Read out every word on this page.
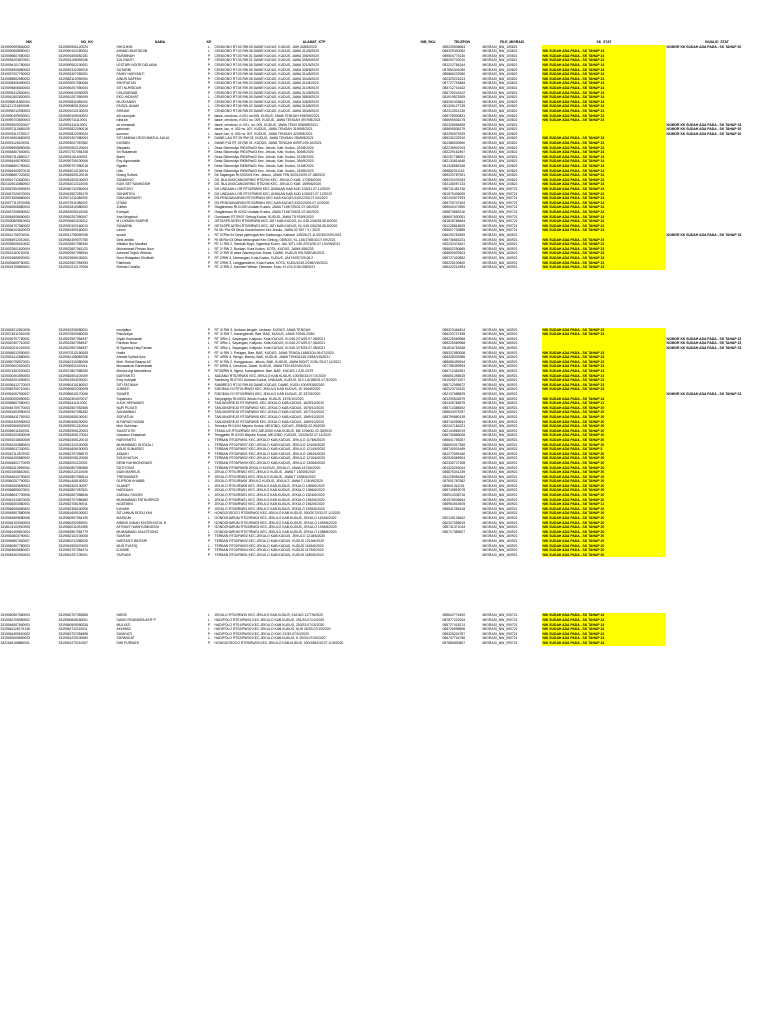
NIK	NO_KK	NAMA	KE	ALAMAT_KTP	NIB_SKU	TELEPON	FILE_MIGRASI	SK_STAT	INVALID_STAT
3319090909840002	3319092506120024	SHOLIKIN	L	CENDONO RT.02 RW.05 DAWE KUDUS, KUDUS, JAW.348/8/2020		085225506664	MIGRASI_NW_100821		NOMOR KK SUDAH ADA PADA - SK TAHAP 20
3319090508890001	3319090102180004	AHMAD MUSTAGIB	L	CENDONO RT.02 RW.08 DAWE KUDUS, KUDUS, JAWA 312/8/2020		085329340082	MIGRASI_NW_100821	NIK SUDAH ADA PADA - SK TAHAP 24	
3319096607650002	3319091505052151	RUSMINAH	P	CENDONO RT.03 RW.01 DAWE KUDUS, KUDUS, JAWA 306/9/2020		089504774130	MIGRASI_NW_100821	NIK SUDAH ADA PADA - SK TAHAP 24	
3319094203870001	3319091105090046	ZULIYANTI	P	CENDONO RT.03 RW.01 DAWE KUDUS, KUDUS, JAWA 305/9/2020		086292720010	MIGRASI_NW_100821	NIK SUDAH ADA PADA - SK TAHAP 24	
3319094101780004	3319090902100001	LESTARI NOOR DELIANA	P	CENDONO RT.03 RW.06 DAWE KUDUS, KUDUS, JAWA 321/8/2020		081212764344	MIGRASI_NW_100821	NIK SUDAH ADA PADA - SK TAHAP 24	
3319094906850003	3319092311090015	SUTARNI	P	CENDONO RT.03 RW.06 DAWE KUDUS, KUDUS, JAWA 338/8/2020		087854341060	MIGRASI_NW_100821	NIK SUDAH ADA PADA - SK TAHAP 24	
3319097007760003	3319092407050001	FAIMY HARYANTI	P	CENDONO RT.03 RW.06 DAWE KUDUS, KUDUS, JAWA 314/8/2020		085866232950	MIGRASI_NW_100821	NIK SUDAH ADA PADA - SK TAHAP 24	
3319085802850002	3319082112090004	AINUN NAFFAH	P	CENDONO RT.03 RW.06 DAWE KUDUS, KUDUS, JAWA 304/8/2020		082329221813	MIGRASI_NW_100821	NIK SUDAH ADA PADA - SK TAHAP 24	
3319094506490003	3319093007050008	SHOFIATUN	P	CENDONO RT.04 RW.03 DAWE KUDUS, KUDUS, JAWA 311/8/2020		087727793484	MIGRASI_NW_100821	NIK SUDAH ADA PADA - SK TAHAP 24	
3319094808840003	3319090207050004	SITI NURSIDAH	P	CENDONO RT.04 RW.05 DAWE KUDUS, KUDUS, JAWA 310/8/2020		085712716162	MIGRASI_NW_100821	NIK SUDAH ADA PADA - SK TAHAP 24	
3319095412600001	3319090610090005	CHUZAENAB	P	CENDONO RT.05 RW.03 DAWE KUDUS, KUDUS, JAWA 312/8/2020		085725243102	MIGRASI_NW_100821	NIK SUDAH ADA PADA - SK TAHAP 24	
3319010502820003	3319010207050009	EKO HIDAYAT	L	CENDONO RT.05 RW.05 DAWE KUDUS, KUDUS, JAWA 385/8/2020		081919875305	MIGRASI_NW_100821	NIK SUDAH ADA PADA - SK TAHAP 24	
3319096611850004	3319092811080004	MU'AYANAH	P	CENDONO RT.06 RW.02 DAWE KUDUS, KUDUS, JAWA 335/8/2020		085282433841	MIGRASI_NW_100821	NIK SUDAH ADA PADA - SK TAHAP 24	
3321121711800006	3319090805120004	FAISOL ANAM	L	CENDONO RT.06 RW.02 DAWE KUDUS, KUDUS, JAWA 315/8/2020		081326127135	MIGRASI_NW_100821	NIK SUDAH ADA PADA - SK TAHAP 24	
3319095212590003	3319091012100025	SHINAH	P	CENDONO RT.06 RW.03 DAWE KUDUS, KUDUS, JAWA 353/8/2020		082313521230	MIGRASI_NW_100821	NIK SUDAH ADA PADA - SK TAHAP 24	
3319090109930001	3319093105040002	siti mumiyah	P	dawe, cendono, rt.001 rw.005, KUDUS, JAWA TENGAH 495/9/8/2021		085728300831	MIGRASI_NW_100821	NIK SUDAH ADA PADA - SK TAHAP 23	
3319095703600003	3319090711110001	ruba'ah	P	dawe, cendono, rt.001 no. 009, KUDUS, JAWA TENGAH 497/9/8/2021		085695536175	MIGRASI_NW_100821	NIK SUDAH ADA PADA - SK TAHAP 23	
3319093009020007	3319091411110001	sri ermawati	P	dawe, cendono, rt: 001, no: 009, KUDUS, JAWA TENG 508/9/8/2021		082328054655	MIGRASI_NW_100821		NOMOR KK SUDAH ADA PADA - SK TAHAP 23
3319097112480025	3319092812090016	parsinah	P	dawe, lau, rt. 002 rw. 007, KUDUS, JAWA TENGAH 319/9/8/2021		085695536175	MIGRASI_NW_100821		NOMOR KK SUDAH ADA PADA - SK TAHAP 20
3319093112720017	3319092812090024	sumono	L	dawe, lau, rt. 002 rw. 007, KUDUS, JAWA TENGAH 322/9/8/2021		082290579225	MIGRASI_NW_100821		NOMOR KK SUDAH ADA PADA - SK TAHAP 20
3319194504650003	3319091307080004	SITI AMINAH ROCHMATUL AULIA	P	DAWE,LAU RT 05 RW 03, KUDUS, JAWA TENGAH 280/9/8/2021		085230232910	MIGRASI_NW_100821	NIK SUDAH ADA PADA - SK TAHAP 23	
3319091125100001	3319093007057662	KUSMIN	L	DAWE,PIJI RT 03 RW 01, KUDUS, JAWA TENGAH 609/PJ/09.10/2021		081388030550	MIGRASI_NW_100821	NIK SUDAH ADA PADA - SK TAHAP 23	
3319096908890006	3319092502120004	Siswanto	L	Desa Sidomulyo Rt01/Rw03 Kec. Jekulo, Kab. Kudus, 322/8/2020		082238902193	MIGRASI_NW_100821	NIK SUDAH ADA PADA - SK TAHAP 24	
3319064807640001	3319072707054208	Sri Rukaenah	P	Desa Sidomulyo Rt01/Rw03 Kec. Jekulo, Kab. Kudus, 306/8/2020		082229162467	MIGRASI_NW_100821	NIK SUDAH ADA PADA - SK TAHAP 24	
3319067112680017	3319091101400001	Marni	P	Desa Sidomulyo Rt03/Rw02 Kec. Jekulo, Kab. Kudus, 312/8/2020		082257788051	MIGRASI_NW_100821	NIK SUDAH ADA PADA - SK TAHAP 24	
3319064408750002	3319090706100006	Eny Agumsafah	P	Desa Sidomulyo Rt05/Rw01 Kec. Jekulo, Kab. Kudus, 266/9/2020		082133614646	MIGRASI_NW_100821	NIK SUDAH ADA PADA - SK TAHAP 24	
3319066601750001	3319090707050018	Ngatini	P	Desa Sidomulyo Rt05/Rw01 Kec. Jekulo, Kab. Kudus, 313/8/2020		081328582346	MIGRASI_NW_100821	NIK SUDAH ADA PADA - SK TAHAP 24	
3319064400870010	3319062012100014	Ulfa	P	Desa Sidomulyo Rt05/Rw03 Kec. Jekulo, Kab. Kudus, 315/8/2020		085882511119	MIGRASI_NW_100821	NIK SUDAH ADA PADA - SK TAHAP 24	
3319066607220002	3319062609120016	Nining Sofiani	P	Dk Sayangan Rt.003/001 Kec. Jekulo, JAWA TEN 502/119/29.07.08/2020		085225787901	MIGRASI_NW_100821	NIK SUDAH ADA PADA - SK TAHAP 24	
3319061712630001	3319061503100003	SUMAKNO	L	DS. BULUNGCANGKRING RT02/04 KEC. JEKULO KAB. 1728/6/2020		085200209183	MIGRASI_NW_100821	NIK SUDAH ADA PADA - SK TAHAP 24	
3521026010860002	3319062012110005	EUIS SETYANINGSIH	P	DS. BULUNGCANGKRING RT02/06 KEC. JEKULO KAB. 1699/6/2020		082138057133	MIGRASI_NW_100821	NIK SUDAH ADA PADA - SK TAHAP 24	
3319067504590004	3319060710050004	SANTOSO	L	DS.UNDAAN LOR RT02/RW05 KEC.UNDAAN KAB.KUD 106/31.07.12/2020		085741451736	MIGRASI_NW_090721	NIK SUDAH ADA PADA - SK TAHAP 24	
3319047026070003	3319042607053179	SUHARTINI	P	DS.UNDAAN LOR RT07/RW05 KEC.UNDAAN KAB.KUD 1049/31.07.12/2020		081575436009	MIGRASI_NW_090721	NIK SUDAH ADA PADA - SK TAHAP 24	
3319074508680004	3319071211080002	DINA MARIANTI	P	DS.PENGANJARAN RT03/RW04 KEC.KAB.KUDUS,510/22/33.07.02/2020		082243579783	MIGRASI_NW_090721	NIK SUDAH ADA PADA - SK TAHAP 24	
3319077112570058	3319072911080002	UTAMI	P	DS.PENGANJARAN RT03/RW04 KEC.KAB.KUDUS,510/224/32.07.02/2020		085725747454	MIGRASI_NW_090721	NIK SUDAH ADA PADA - SK TAHAP 24	
3319046908880004	3319041810080002	Zulifah	P	Glagahwaru Rt.01/05 Undaan Kudus, JAWA T145/725/31.07.06/2020		085540473390	MIGRASI_NW_090721	NIK SUDAH ADA PADA - SK TAHAP 24	
3319047008890002	3319043006110006	Kumyati	P	Glagahwaru Rt.02/02 Undaan Kudus, JAWA T145/728/31.07.06/2020		085879669116	MIGRASI_NW_090721	NIK SUDAH ADA PADA - SK TAHAP 24	
3319064908690002	3319062207050007	Ana Ningsiroh	P	Gondosari RT.09/07 Gebog Kudus, KUDUS, JAWA T8 976/9/2020		085607630051	MIGRASI_NW_090721	NIK SUDAH ADA PADA - SK TAHAP 24	
3319030809810003	3319030601100012	M LUKMAN SAHRIR	L	GETASPEJATEN RT05/RW08 KEC.JATI KAB.KUDUS, KL.045.2/46/26.08.8/2020		081818788464	MIGRASI_NW_090721	NIK SUDAH ADA PADA - SK TAHAP 24	
3319034707560002	3319030102160010	SUMARNI	P	GETASPEJATEN RT05/RW01 KEC.JATI KAB.KUDUS, KL.045.2/62/26.08.8/2020		081228818629	MIGRASI_NW_090721	NIK SUDAH ADA PADA - SK TAHAP 24	
3319066104620003	3319061509160002	Lasmi	P	Rt.05 / Rw 05 Desa Gondoharum Kec Jekulo, JAWA 02 957 / X / 2020		085607733585	MIGRASI_NW_090721	NIK SUDAH ADA PADA - SK TAHAP 24	
3319011706700001	3319011705090008	suradi	L	RT 07/Rw 04 Desa pijeringan kec Kaliwungu, Kaliwun 145/28.07.11/22/302/VIII/2021		085290753455	MIGRASI_NW_160921		NOMOR KK SUDAH ADA PADA - SK TAHAP 15
3319084912010001	3319082409070750	Desi andita	P	Rt 08 Rw 03 Desa kedungsari Kec Gebog, GEBOG, KL.145/1768/33.07.09/2021		085736663231	MIGRASI_NW_160921	NIK SUDAH ADA PADA - SK TAHAP 23	
3319035006010002	3319032607056340	Afidatul Nur Maulida	P	RT 1/ RW 2, Tambak Boyo, Ngembal Kulon, Jati, WTL 045.2/374/30.07.13/VIII/2021		082232474547	MIGRASI_NW_160921	NIK SUDAH ADA PADA - SK TAHAP 23	
3319022601920004	3319022607061123	Muhammad Firman Noor	L	RT 2/ RW 2, Burikan, Kota Kudus, KOTA, KUDUS, JAWA 458/233		085602290665	MIGRASI_NW_160921	NIK SUDAH ADA PADA - SK TAHAP 23	
3319021110010001	3319020907055944	Achmad Teguh Widodo	L	RT 2/ RW 5/ desa Samirejo kec Dawe, DAWE, KUDUS 901/335/VIII/2021		085692529403	MIGRASI_NW_160921	NIK SUDAH ADA PADA - SK TAHAP 23	
3319024808920001	3319022606100001	Noor Hidayatus Sholihah	P	RT 2/RW 3, Demangan, Kota Kudus, KUDUS, JA474/057/29.08.2		085727420852	MIGRASI_NW_160921	NIK SUDAH ADA PADA - SK TAHAP 23	
3319025605750001	3319022507054993	Fathimah	P	RT 2/RW 3, Langgardalem, Kota Kudus, KOTA, KUDU1045.2/266/VIII/2021		085225100400	MIGRASI_NW_160921	NIK SUDAH ADA PADA - SK TAHAP 23	
3319024708800001	3319022212170006	Rahma Camilla	P	RT 2/ RW 2, Kauman Wetan, Demaan, Kota, KI.474.2/151/08/2021		085422214993	MIGRASI_NW_160921	NIK SUDAH ADA PADA - SK TAHAP 23	

3319045212810006	3319042208080001	munjaitun	P	RT 3/ RW 3, Undaan tengah, Undaan, KUDUS, JAWA TENGAH		085323464814	MIGRASI_NW_160921	NIK SUDAH ADA PADA - SK TAHAP 23	
3319074511910005	3319070509060030	Rita Auliya	P	RT 3/ RW 7, Karangbener, Bae, BAE, KUDUS, JAWA T0045.2/380		085233727498	MIGRASI_NW_160921	NIK SUDAH ADA PADA - SK TAHAP 23	
3319026707760001	3319022507054937	Diyah Kurniawati	P	RT 3/Rw 1, Sayangan, Kaliputu, Kota KUDUS, KI.045.2/74/29.07.08/2021		085225069968	MIGRASI_NW_160921		NOMOR KK SUDAH ADA PADA - SK TAHAP 23
3319020307710002	3319022507054937	Farchan Noor	L	RT 3/Rw 1, Sayangan, Kaliputu, Kota KUDUS, KI.045.2/74/29.07.08/2021		085225069968	MIGRASI_NW_160921		NOMOR KK SUDAH ADA PADA - SK TAHAP 23
3319020211010003	3319022507054937	M Syamsul Haq Fardan	L	RT 3/Rw 1, Sayangan, Kaliputu, Kota KUDUS, KI.045.2/75/29.07.08/2021		081816753348	MIGRASI_NW_160921		NOMOR KK SUDAH ADA PADA - SK TAHAP 23
3319065012930001	3319070212150005	Hatini	P	RT 4/ RW 1, Pasigan, Bae, BAE, KUDUS, JAWA TENGA 148/63/34.06.07/2020		085337850008	MIGRASI_NW_160921	NIK SUDAH ADA PADA - SK TAHAP 23	
3319051412880001	3319051108080008	Ahmad Syifaul Aziz	L	RT 4/RW 3, Wergu, Bandu, BAE, KUDUS, JAWA TENGA145.2/654/VIII/2021		085328339386	MIGRASI_NW_160921	NIK SUDAH ADA PADA - SK TAHAP 23	
3319060708970001	3319061310080008	Moh. Roisul Basyar AZ	L	RT 5/ RW 2, Honggosoco, Jekulo, BAE, KUDUS, JAWA 000/27 2195 /33.07.11/2021		088685459944	MIGRASI_NW_160921	NIK SUDAH ADA PADA - SK TAHAP 23	
3319093002920003	3319090911100014	Munawaroh Rahmawati	P	RT 6/RW 4, Cendono, Dawe, KUDUS, JAWA TEN 492/VIII/2021		087788359593	MIGRASI_NW_160921	NIK SUDAH ADA PADA - SK TAHAP 23	
3319074302020002	3319072807058250	Monica Agi Navratilova	P	RT05/RW 8, Ngelo, Karangbener, Bae, BAE, KUDUS, I.025.2/379		085712462591	MIGRASI_NW_160921	NIK SUDAH ADA PADA - SK TAHAP 23	
3319030401890003	3319062501100009	DARYANTO	L	SADANG RT02/RW04 KEC.JEKULO KAB.KUDUS, 100/36/33.07.01/2020		085851255515	MIGRASI_NW_160921	NIK SUDAH ADA PADA - SK TAHAP 23	
3319045201590001	3319041903200001	Emy Indriyati	P	Sambung Rt.07/03 Undaan Kudus, UNDAAN, KUDUS, 510.1.6/188/31.07.5/2020		081928274207	MIGRASI_NW_160921	NIK SUDAH ADA PADA - SK TAHAP 23	
3319036412770003	3319060410180002	SITI FATIMAH	P	SAMIREJO RT.02 RW.05 DAWE KUDUS, DAWE, KUDU 100/093/8/2020		085712055672	MIGRASI_NW_160921	NIK SUDAH ADA PADA - SK TAHAP 23	
3319065709710001	3319060602200008	JUMIATI	P	SIDOMULYO RT01/RW02 KEC JEKULO KAB KUDUS, JE 306/8/2020		082323703120	MIGRASI_NW_160921	NIK SUDAH ADA PADA - SK TAHAP 23	
3319061067900007	3319050610170006	SUWATI	P	SIDOMULYO RT03/RW03 KEC JEKULO KAB KUDUS, JE 337/8/2020		082137688529	MIGRASI_NW_160921		NOMOR KK SUDAH ADA PADA - SK TAHAP 23
3319030090890001	3319062304070017	Supartono	L	Tanjungrejo Rt.06/03 Jekulo Kudus, KUDUS, 1675/10/2020		081290542879	MIGRASI_NW_160921	NIK SUDAH ADA PADA - SK TAHAP 24	
3319065607550001	3319062411110002	JULIK HERAWATI	P	TANJUNGREJO RT03/RW01 KEC.JEKULO KAB.KUDUS, 1629/10/2020		082326766575	MIGRASI_NW_160921	NIK SUDAH ADA PADA - SK TAHAP 11	
3319064709770003	3319062507052556	NUR PUJIATI	P	TANJUNGREJO RT03/RW02 KEC.JEKULO KAB.KUDUS, 1578/10/2020		085713388492	MIGRASI_NW_160921	NIK SUDAH ADA PADA - SK TAHAP 20	
3319061504950003	3319062507055252	SUNAMBAH	P	TANJUNGREJO RT03/RW04 KEC.JEKULO KAB.KUDUS, 1577/10/2020		085643978787	MIGRASI_NW_160921	NIK SUDAH ADA PADA - SK TAHAP 20	
3319065411790002	3319062609100041	SOFIATUN	P	TANJUNGREJO RT03/RW05 KEC.JEKULO KAB.KUDUS, 1569/10/2020		085799880139	MIGRASI_NW_160921	NIK SUDAH ADA PADA - SK TAHAP 20	
3319061309950003	3319060408200002	M FARIUS NIZAM	L	TANJUNGREJO RT03/RW05 KEC.JEKULO KAB.KUDUS, 1569/10/2020		085740069641	MIGRASI_NW_160921	NIK SUDAH ADA PADA - SK TAHAP 20	
3319052506920003	3319052901210004	Muh Subkhan	L	Temulus Rt.01/04 Mejobo Kudus, MEJOBO, KUDUS, J908/32.02.05/2020		082247184321	MIGRASI_NW_160921	NIK SUDAH ADA PADA - SK TAHAP 20	
3319056011810001	3319052906120003	SUASTUTIK	P	TEMULUS RT04/RW02 KEC.MEJOBO KAB.KUDUS, ME 1096/32.02.05/2020		082134565219	MIGRASI_NW_160921	NIK SUDAH ADA PADA - SK TAHAP 20	
3319051004830006	3319051805170004	Uswatun Khasanah	P	Tenggeles Rt.02/03 Mejobo Kudus, MEJOBO, KUDUS, 1332/4/32.07.11/2020		085740865006	MIGRASI_NW_160921	NIK SUDAH ADA PADA - SK TAHAP 20	
3319061018840006	3319062405120010	HARIYANTO	L	TERBAN RT02/RW01 KEC.JEKULO KAB.KUDUS, JEKULO 1178/6/2020		085641755287	MIGRASI_NW_160921	NIK SUDAH ADA PADA - SK TAHAP 20	
3319062204880003	3319061312100006	MUHAMMAD GHOZALI	L	TERBAN RT02/RW07 KEC.JEKULO KAB.KUDUS, JEKULO 1240/6/2020		085600017369	MIGRASI_NW_160921	NIK SUDAH ADA PADA - SK TAHAP 20	
3319065017330001	3319061606190003	AGUS SUNARSO	L	TERBAN RT02/RW07 KEC.JEKULO KAB.KUDUS, JEKULO 1214/6/2020		085740001469	MIGRASI_NW_160921	NIK SUDAH ADA PADA - SK TAHAP 5	
3319067112870002	3319062707055570	ASMAH	P	TERBAN RT03/RW01 KEC.JEKULO KAB.KUDUS, JEKULO 1384/6/2020		081272594160	MIGRASI_NW_160921	NIK SUDAH ADA PADA - SK TAHAP 20	
3319064205880002	3319062008120006	SOLIKHATUN	P	TERBAN RT03/RW02 KEC.JEKULO KAB.KUDUS, JEKULO 1216/6/2020		082526365904	MIGRASI_NW_160921	NIK SUDAH ADA PADA - SK TAHAP 20	
3319064801770009	3319062001120001	DEWI RUHMONOWATI	P	TERBAN RT03/RW09 KEC.JEKULO KAB.KUDUS, JEKULO 1308/6/2020		082330727308	MIGRASI_NW_160921	NIK SUDAH ADA PADA - SK TAHAP 20	
3319063112590004	3319062807050566	SUTIYONO	L	TERBAN RT05/RW08 JEKULO KUDUS, JEKULO, JAWA 1474/6/2020		081325253044	MIGRASI_NW_160921	NIK SUDAH ADA PADA - SK TAHAP 20	
3319021508810001	3319060212110005	DIAN MARKUS	L	JEKULO RT01/RW02 KEC.JEKULO KUDUS, JAWA T 1520/6/2020		085876341239	MIGRASI_NW_160921	NIK SUDAH ADA PADA - SK TAHAP 20	
3319064810790002	3319062807050514	TRESNAWATI	P	JEKULO RT01/RW03 KEC.JEKULO KUDUS, JAWA T 1535/6/2020		081228954364	MIGRASI_NW_160921	NIK SUDAH ADA PADA - SK TAHAP 20	
3319060207790001	3319061408140002	GUFRON KHABIB	L	JEKULO RT01/RW08 JEKULO KUDUS, JEKULO, JAWA T 1240/6/2020		087831767582	MIGRASI_NW_160921	NIK SUDAH ADA PADA - SK TAHAP 20	
3319063005690003	3319062402100097	SLAMET	L	JEKULO RT01/RW08 KEC.JEKULO KAB.KUDUS, JEKULO 1355/6/2020		085601311101	MIGRASI_NW_160921	NIK SUDAH ADA PADA - SK TAHAP 20	
3319066805670001	3319062807057821	HARZUAH	P	JEKULO RT01/RW01 KEC.JEKULO KAB.KUDUS, JEKULO 1366/6/2020		085740819078	MIGRASI_NW_160921	NIK SUDAH ADA PADA - SK TAHAP 20	
3319068047700006	3319062607058846	ZAENAL FAOZIN	L	JEKULO RT04/RW01 KEC.JEKULO KAB.KUDUS, JEKULO 1524/6/2020		085914338716	MIGRASI_NW_160921	NIK SUDAH ADA PADA - SK TAHAP 20	
3319061313870005	3319062707056580	MUHAMMAD FATHURROZI	L	JEKULO RT05/RW01 KEC.JEKULO KAB.KUDUS, JEKULO 1552/6/2020		081578005644	MIGRASI_NW_160921	NIK SUDAH ADA PADA - SK TAHAP 20	
3319065303560001	3319062706190011	NGATMINI	P	JEKULO RT06/RW03 KEC.JEKULO KAB.KUDUS, JEKULO 1562/6/2020		085954516925	MIGRASI_NW_160921	NIK SUDAH ADA PADA - SK TAHAP 11	
3319066006650002	3319062306100006	KUNIAH	P	JEKULO RT06/RW03 KEC.JEKULO KAB.KUDUS, JEKULO 1526/6/2020		085541281618	MIGRASI_NW_160921	NIK SUDAH ADA PADA - SK TAHAP 20	
3319065507880006	3319061609100002	SITI AINUN RODLIYAH	P	HONGGOSOCO RT05/RW02 KEC.JEKULO KAB.KUDUS, 000/2072/33.07.11/2020			MIGRASI_NW_160921	NIK SUDAH ADA PADA - SK TAHAP 20	
3319064809680006	3319060907054190	MASKUN	L	GONDOHARUM RT02/RW04 KEC.JEKULO KAB.KUDUS, JEKULO 1154/6/2020		082128126642	MIGRASI_NW_160921	NIK SUDAH ADA PADA - SK TAHAP 20	
3319064103940003	3319060202052001	NINING INDAH KHOIRIYATUL H	P	GONDOHARUM RT01/RW03 KEC.JEKULO KAB.KUDUS, JEKULO 1053/6/2020		082327055619	MIGRASI_NW_160921	NIK SUDAH ADA PADA - SK TAHAP 20	
3318124102910005	3319062011091395	AFIYANTI WAHYUNINGSIH	P	GONDOHARUM RT04/RW03 KEC.JEKULO KAB.KUDUS, JEKULO 1094/6/2020		085741371043	MIGRASI_NW_160921	NIK SUDAH ADA PADA - SK TAHAP 20	
3319061409810004	3319062807054779	MUHAMMAD SULISTIONO	L	GONDOHARUM RT07/RW01 KEC.JEKULO KAB.KUDUS, JEKULO 1088/6/2020		085717389527	MIGRASI_NW_160921	NIK SUDAH ADA PADA - SK TAHAP 20	
3319063603790001	3319062102100005	SUMI'AH	P	TERBAN RT02/RW02 KEC.JEKULO KAB.KUDUS, JEKULO 1218/6/2020			MIGRASI_NW_160921	NIK SUDAH ADA PADA - SK TAHAP 20	
3319065807600007	3319060212080025	HARTANTI BINTARI	P	TERBAN RT02/RW02 KEC.JEKULO KAB.KUDUS, KUDUS 1219/6/2020			MIGRASI_NW_160921	NIK SUDAH ADA PADA - SK TAHAP 20	
3319060307780003	3319061505070003	MUH SYAFIQ	L	TERBAN RT02/RW03 KEC.JEKULO KAB.KUDUS, KUDUS 1183/6/2020			MIGRASI_NW_160921	NIK SUDAH ADA PADA - SK TAHAP 20	
3319064606650001	3319062707054474	DJUMIE	P	TERBAN RT02/RW04 KEC.JEKULO KAB.KUDUS, KUDUS 1179/6/2020			MIGRASI_NW_160921	NIK SUDAH ADA PADA - SK TAHAP 20	
3319064302940004	3319061207130001	TARYANI	P	TERBAN RT02/RW01 KEC.JEKULO KAB.KUDUS, KUDUS 1180/6/2020			MIGRASI_NW_160921	NIK SUDAH ADA PADA - SK TAHAP 20	

3319060507650003	3319062707053655	HARIS	L	JEKULO RT02/RW10 KEC.JEKULO KAB.KUDUS, KUDUS 1177/6/2020		085642774492	MIGRASI_NW_090721	NIK SUDAH ADA PADA - SK TAHAP 24	
3319062705950002	3319060608180001	DAVID RIVANDRA AFIF P	L	HADIPOLO RT01/RW01 KEC.JEKULO KAB.KUDUS, 251/33.07/10/2020		087877222944	MIGRASI_NW_090721	NIK SUDAH ADA PADA - SK TAHAP 24	
3319064507690003	3319060509050026	MULYATI	P	HADIPOLO RT01/RW02 KEC.JEKULO KAB.KUDUS, 253/33.07/10/2020		085727418174	MIGRASI_NW_090721	NIK SUDAH ADA PADA - SK TAHAP 24	
3319061126170138	3319062712110011	AKHMAD	L	HADIPOLO RT02/RW02 KEC.JEKULO KAB.KUDUS, KUD 26/33.07/10/2020		085726998506	MIGRASI_NW_090721	NIK SUDAH ADA PADA - SK TAHAP 24	
3319064405510002	3319062707054898	SUMIYATI	P	HADIPOLO RT02/RW02 KEC.JEKULO KUD 21/33.07/10/2020		085325224787	MIGRASI_NW_090721	NIK SUDAH ADA PADA - SK TAHAP 24	
3319063005690003	3319061220100083	SUPANGAT	L	HADIPOLO RT02/RW03 KEC.JEKULO KAB.KUDUS, K 25/33.07/10/2020		085747744756	MIGRASI_NW_090721	NIK SUDAH ADA PADA - SK TAHAP 24	
3321156108850001	3319061270210007	DWI PURWATI	P	HONGGOSOCO RT05/RW03 KEC.JEKULO KAB.KUDUS, 000/1884/33.07.11/9/2020		087880830807	MIGRASI_NW_090721	NIK SUDAH ADA PADA - SK TAHAP 24	
